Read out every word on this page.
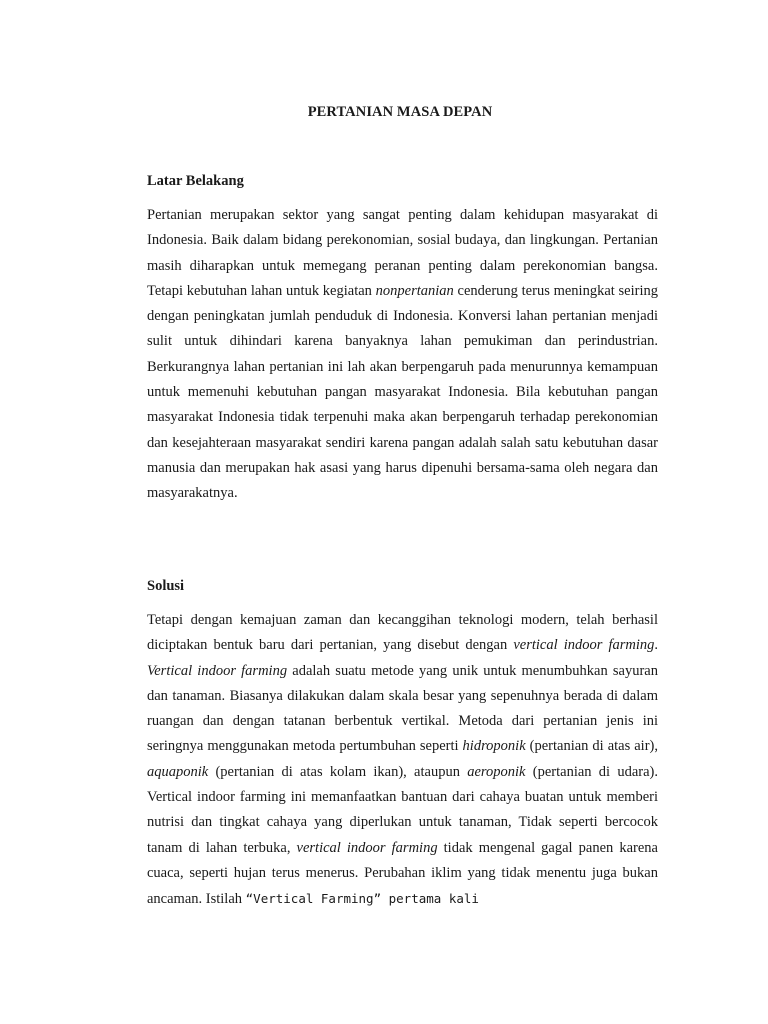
PERTANIAN MASA DEPAN
Latar Belakang

Pertanian merupakan sektor yang sangat penting dalam kehidupan masyarakat di Indonesia. Baik dalam bidang perekonomian, sosial budaya, dan lingkungan. Pertanian masih diharapkan untuk memegang peranan penting dalam perekonomian bangsa. Tetapi kebutuhan lahan untuk kegiatan nonpertanian cenderung terus meningkat seiring dengan peningkatan jumlah penduduk di Indonesia. Konversi lahan pertanian menjadi sulit untuk dihindari karena banyaknya lahan pemukiman dan perindustrian. Berkurangnya lahan pertanian ini lah akan berpengaruh pada menurunnya kemampuan untuk memenuhi kebutuhan pangan masyarakat Indonesia. Bila kebutuhan pangan masyarakat Indonesia tidak terpenuhi maka akan berpengaruh terhadap perekonomian dan kesejahteraan masyarakat sendiri karena pangan adalah salah satu kebutuhan dasar manusia dan merupakan hak asasi yang harus dipenuhi bersama-sama oleh negara dan masyarakatnya.

Solusi

Tetapi dengan kemajuan zaman dan kecanggihan teknologi modern, telah berhasil diciptakan bentuk baru dari pertanian, yang disebut dengan vertical indoor farming. Vertical indoor farming adalah suatu metode yang unik untuk menumbuhkan sayuran dan tanaman. Biasanya dilakukan dalam skala besar yang sepenuhnya berada di dalam ruangan dan dengan tatanan berbentuk vertikal. Metoda dari pertanian jenis ini seringnya menggunakan metoda pertumbuhan seperti hidroponik (pertanian di atas air), aquaponik (pertanian di atas kolam ikan), ataupun aeroponik (pertanian di udara). Vertical indoor farming ini memanfaatkan bantuan dari cahaya buatan untuk memberi nutrisi dan tingkat cahaya yang diperlukan untuk tanaman, Tidak seperti bercocok tanam di lahan terbuka, vertical indoor farming tidak mengenal gagal panen karena cuaca, seperti hujan terus menerus. Perubahan iklim yang tidak menentu juga bukan ancaman. Istilah “Vertical Farming” pertama kali
